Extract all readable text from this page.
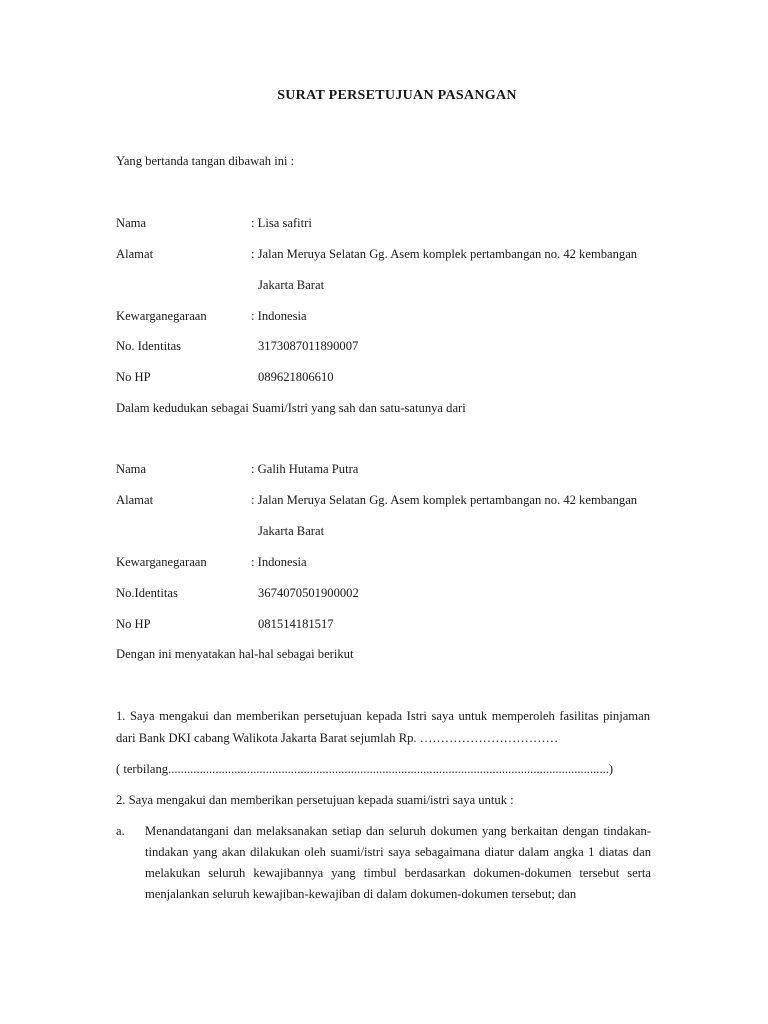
SURAT PERSETUJUAN PASANGAN
Yang bertanda tangan dibawah ini :
Nama	: Lisa safitri
Alamat	: Jalan Meruya Selatan Gg. Asem komplek pertambangan no. 42 kembangan
Jakarta Barat
Kewarganegaraan	: Indonesia
No. Identitas	3173087011890007
No HP	089621806610
Dalam kedudukan sebagai Suami/Istri yang sah dan satu-satunya dari
Nama	: Galih Hutama Putra
Alamat	: Jalan Meruya Selatan Gg. Asem komplek pertambangan no. 42 kembangan
Jakarta Barat
Kewarganegaraan	: Indonesia
No.Identitas	3674070501900002
No HP	081514181517
Dengan ini menyatakan hal-hal sebagai berikut
1. Saya mengakui dan memberikan persetujuan kepada Istri saya untuk memperoleh fasilitas pinjaman
dari Bank DKI cabang Walikota Jakarta Barat sejumlah Rp. ……………………………
( terbilang............................................................................................................................................)
2. Saya mengakui dan memberikan persetujuan kepada suami/istri saya untuk :
a. Menandatangani dan melaksanakan setiap dan seluruh dokumen yang berkaitan dengan tindakan-
tindakan yang akan dilakukan oleh suami/istri saya sebagaimana diatur dalam angka 1 diatas dan
melakukan seluruh kewajibannya yang timbul berdasarkan dokumen-dokumen tersebut serta
menjalankan seluruh kewajiban-kewajiban di dalam dokumen-dokumen tersebut; dan
